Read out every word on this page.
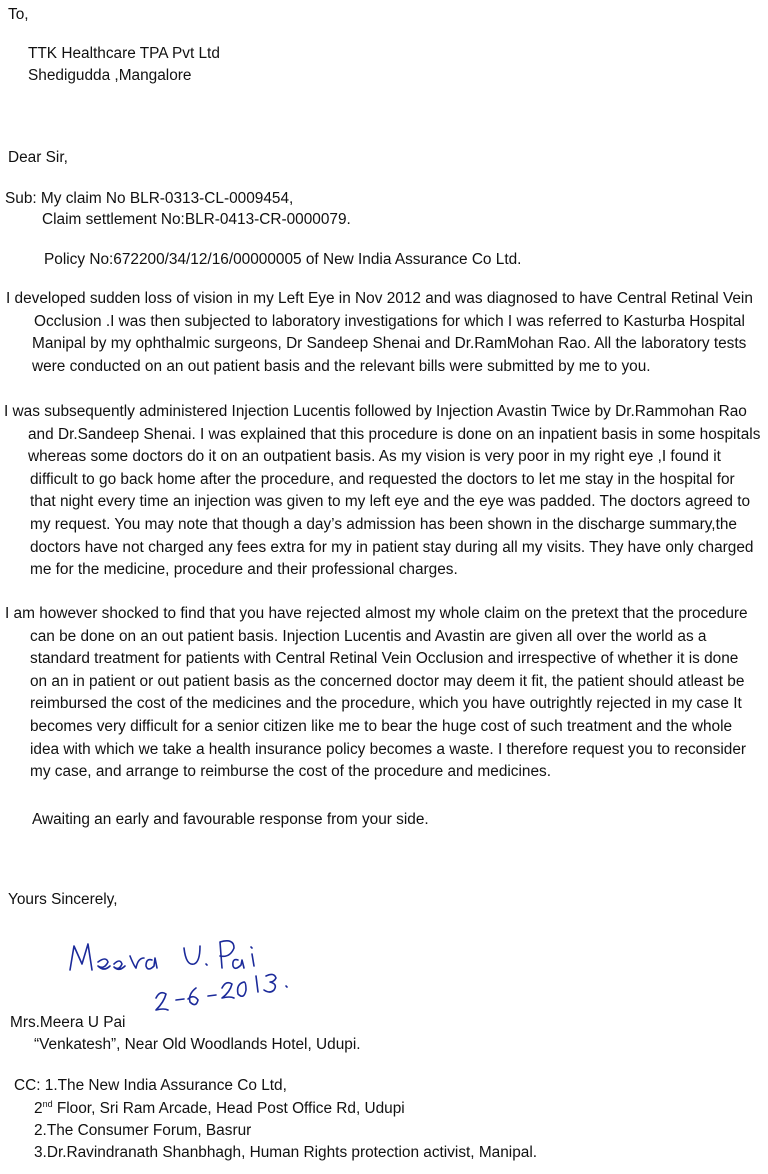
To,
TTK Healthcare TPA Pvt Ltd
Shedigudda ,Mangalore
Dear Sir,
Sub: My claim No BLR-0313-CL-0009454,
Claim settlement No:BLR-0413-CR-0000079.
Policy No:672200/34/12/16/00000005 of New India Assurance Co Ltd.
I developed sudden loss of vision in my Left Eye in Nov 2012 and was diagnosed to have Central Retinal Vein
Occlusion .I was then subjected to laboratory investigations for which I was referred to Kasturba Hospital
Manipal by my ophthalmic surgeons, Dr Sandeep Shenai and Dr.RamMohan Rao. All the laboratory tests
were conducted on an out patient basis and the relevant bills were submitted by me to you.
I was subsequently administered Injection Lucentis followed by Injection Avastin Twice by Dr.Rammohan Rao
and Dr.Sandeep Shenai. I was explained that this procedure is done on an inpatient basis in some hospitals
whereas some doctors do it on an outpatient basis. As my vision is very poor in my right eye ,I found it
difficult to go back home after the procedure, and requested the doctors to let me stay in the hospital for
that night every time an injection was given to my left eye and the eye was padded. The doctors agreed to
my request. You may note that though a day’s admission has been shown in the discharge summary,the
doctors have not charged any fees extra for my in patient stay during all my visits. They have only charged
me for the medicine, procedure and their professional charges.
I am however shocked to find that you have rejected almost my whole claim on the pretext that the procedure
can be done on an out patient basis. Injection Lucentis and Avastin are given all over the world as a
standard treatment for patients with Central Retinal Vein Occlusion and irrespective of whether it is done
on an in patient or out patient basis as the concerned doctor may deem it fit, the patient should atleast be
reimbursed the cost of the medicines and the procedure, which you have outrightly rejected in my case It
becomes very difficult for a senior citizen like me to bear the huge cost of such treatment and the whole
idea with which we take a health insurance policy becomes a waste. I therefore request you to reconsider
my case, and arrange to reimburse the cost of the procedure and medicines.
Awaiting an early and favourable response from your side.
Yours Sincerely,
Mrs.Meera U Pai
“Venkatesh”, Near Old Woodlands Hotel, Udupi.
CC: 1.The New India Assurance Co Ltd,
2nd Floor, Sri Ram Arcade, Head Post Office Rd, Udupi
2.The Consumer Forum, Basrur
3.Dr.Ravindranath Shanbhagh, Human Rights protection activist, Manipal.
